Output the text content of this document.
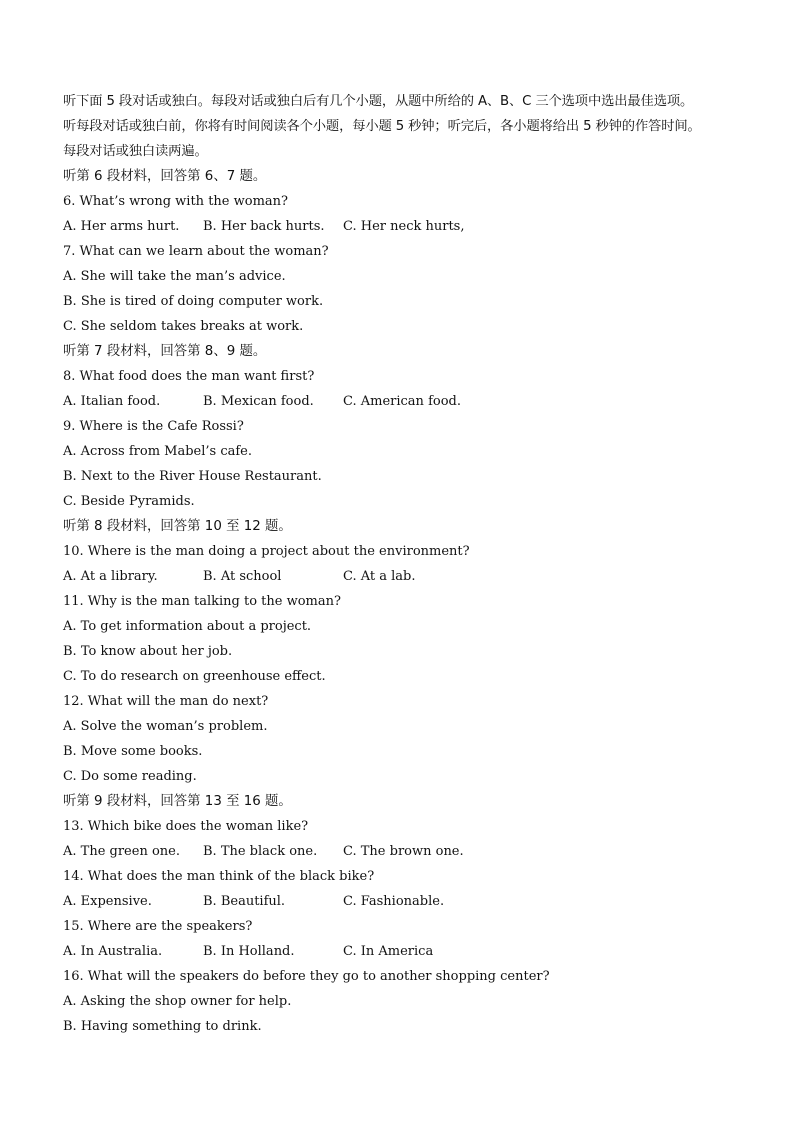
听下面 5 段对话或独白。每段对话或独白后有几个小题，从题中所给的 A、B、C 三个选项中选出最佳选项。
听每段对话或独白前，你将有时间阅读各个小题，每小题 5 秒钟；听完后，各小题将给出 5 秒钟的作答时间。
每段对话或独白读两遍。
听第 6 段材料，回答第 6、7 题。
6. What’s wrong with the woman?
A. Her arms hurt.	B. Her back hurts.	C. Her neck hurts,
7. What can we learn about the woman?
A. She will take the man’s advice.
B. She is tired of doing computer work.
C. She seldom takes breaks at work.
听第 7 段材料，回答第 8、9 题。
8. What food does the man want first?
A. Italian food.	B. Mexican food.	C. American food.
9. Where is the Cafe Rossi?
A. Across from Mabel’s cafe.
B. Next to the River House Restaurant.
C. Beside Pyramids.
听第 8 段材料，回答第 10 至 12 题。
10. Where is the man doing a project about the environment?
A. At a library.	B. At school	C. At a lab.
11. Why is the man talking to the woman?
A. To get information about a project.
B. To know about her job.
C. To do research on greenhouse effect.
12. What will the man do next?
A. Solve the woman’s problem.
B. Move some books.
C. Do some reading.
听第 9 段材料，回答第 13 至 16 题。
13. Which bike does the woman like?
A. The green one.	B. The black one.	C. The brown one.
14. What does the man think of the black bike?
A. Expensive.	B. Beautiful.	C. Fashionable.
15. Where are the speakers?
A. In Australia.	B. In Holland.	C. In America
16. What will the speakers do before they go to another shopping center?
A. Asking the shop owner for help.
B. Having something to drink.
